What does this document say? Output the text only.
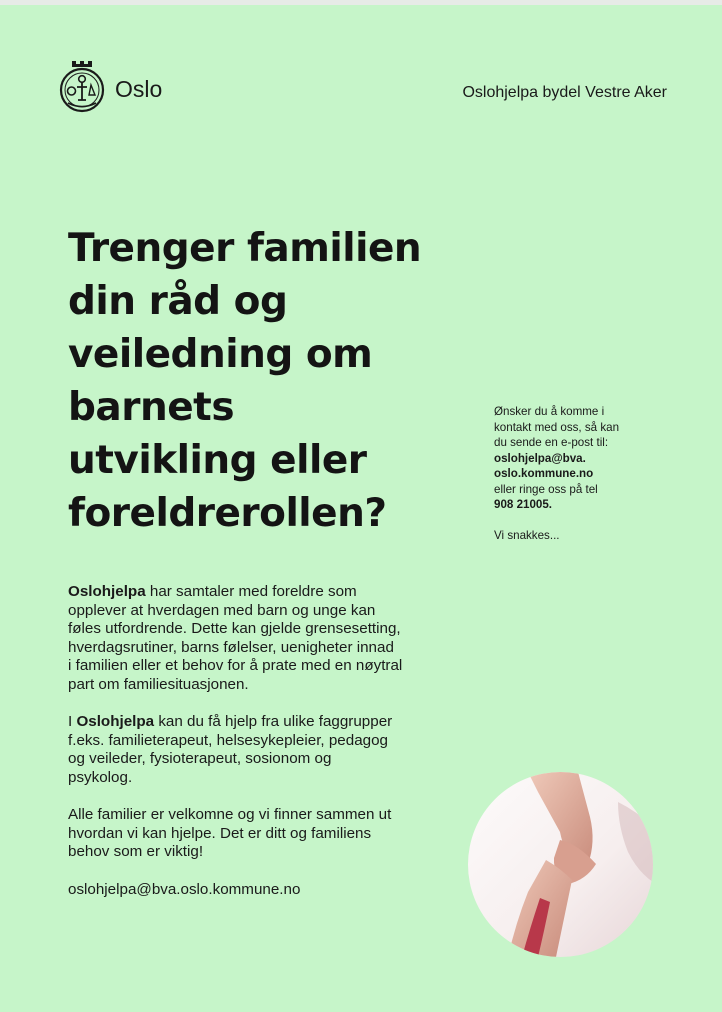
Oslo	Oslohjelpa bydel Vestre Aker
Trenger familien
din råd og
veiledning om
barnets
utvikling eller
foreldrerollen?

Ønsker du å komme i

kontakt med oss, så kan

du sende en e-post til:

oslohjelpa@bva.

oslo.kommune.no

eller ringe oss på tel

908 21005.

Vi snakkes...

Oslohjelpa har samtaler med foreldre som
opplever at hverdagen med barn og unge kan
føles utfordrende. Dette kan gjelde grensesetting,
hverdagsrutiner, barns følelser, uenigheter innad
i familien eller et behov for å prate med en nøytral
part om familiesituasjonen.

I Oslohjelpa kan du få hjelp fra ulike faggrupper
f.eks. familieterapeut, helsesykepleier, pedagog
og veileder, fysioterapeut, sosionom og
psykolog.

Alle familier er velkomne og vi finner sammen ut
hvordan vi kan hjelpe. Det er ditt og familiens
behov som er viktig!

oslohjelpa@bva.oslo.kommune.no
